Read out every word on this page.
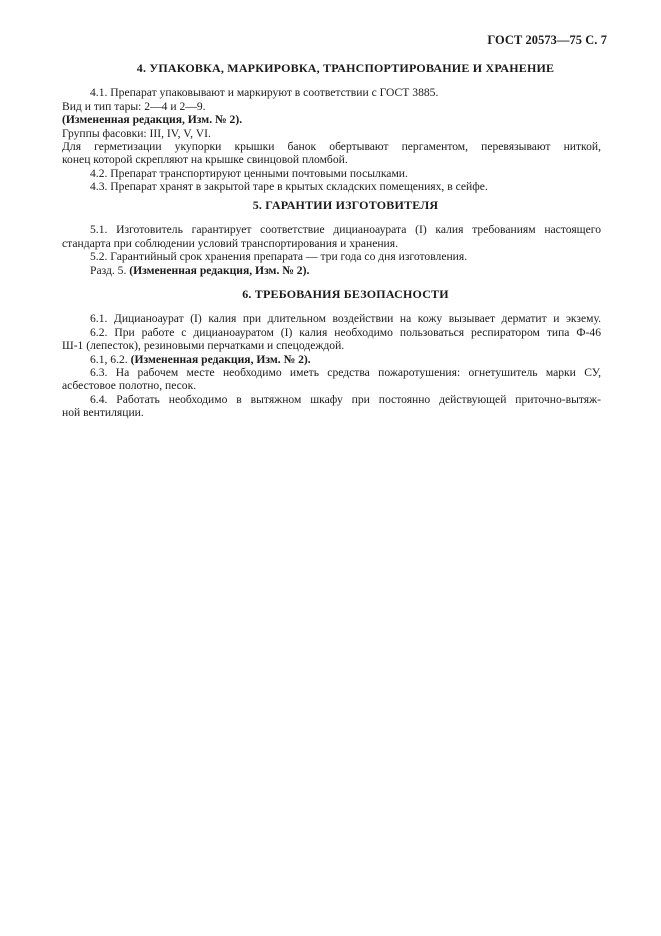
ГОСТ 20573—75 С. 7
4. УПАКОВКА, МАРКИРОВКА, ТРАНСПОРТИРОВАНИЕ И ХРАНЕНИЕ
4.1. Препарат упаковывают и маркируют в соответствии с ГОСТ 3885.
Вид и тип тары: 2—4 и 2—9.
(Измененная редакция, Изм. № 2).
Группы фасовки: III, IV, V, VI.
Для герметизации укупорки крышки банок обертывают пергаментом, перевязывают ниткой,
конец которой скрепляют на крышке свинцовой пломбой.
4.2. Препарат транспортируют ценными почтовыми посылками.
4.3. Препарат хранят в закрытой таре в крытых складских помещениях, в сейфе.
5. ГАРАНТИИ ИЗГОТОВИТЕЛЯ
5.1. Изготовитель гарантирует соответствие дицианоаурата (I) калия требованиям настоящего
стандарта при соблюдении условий транспортирования и хранения.
5.2. Гарантийный срок хранения препарата — три года со дня изготовления.
Разд. 5. (Измененная редакция, Изм. № 2).
6. ТРЕБОВАНИЯ БЕЗОПАСНОСТИ
6.1. Дицианоаурат (I) калия при длительном воздействии на кожу вызывает дерматит и экзему.
6.2. При работе с дицианоауратом (I) калия необходимо пользоваться респиратором типа Ф-46
Ш-1 (лепесток), резиновыми перчатками и спецодеждой.
6.1, 6.2. (Измененная редакция, Изм. № 2).
6.3. На рабочем месте необходимо иметь средства пожаротушения: огнетушитель марки СУ,
асбестовое полотно, песок.
6.4. Работать необходимо в вытяжном шкафу при постоянно действующей приточно-вытяж-
ной вентиляции.
